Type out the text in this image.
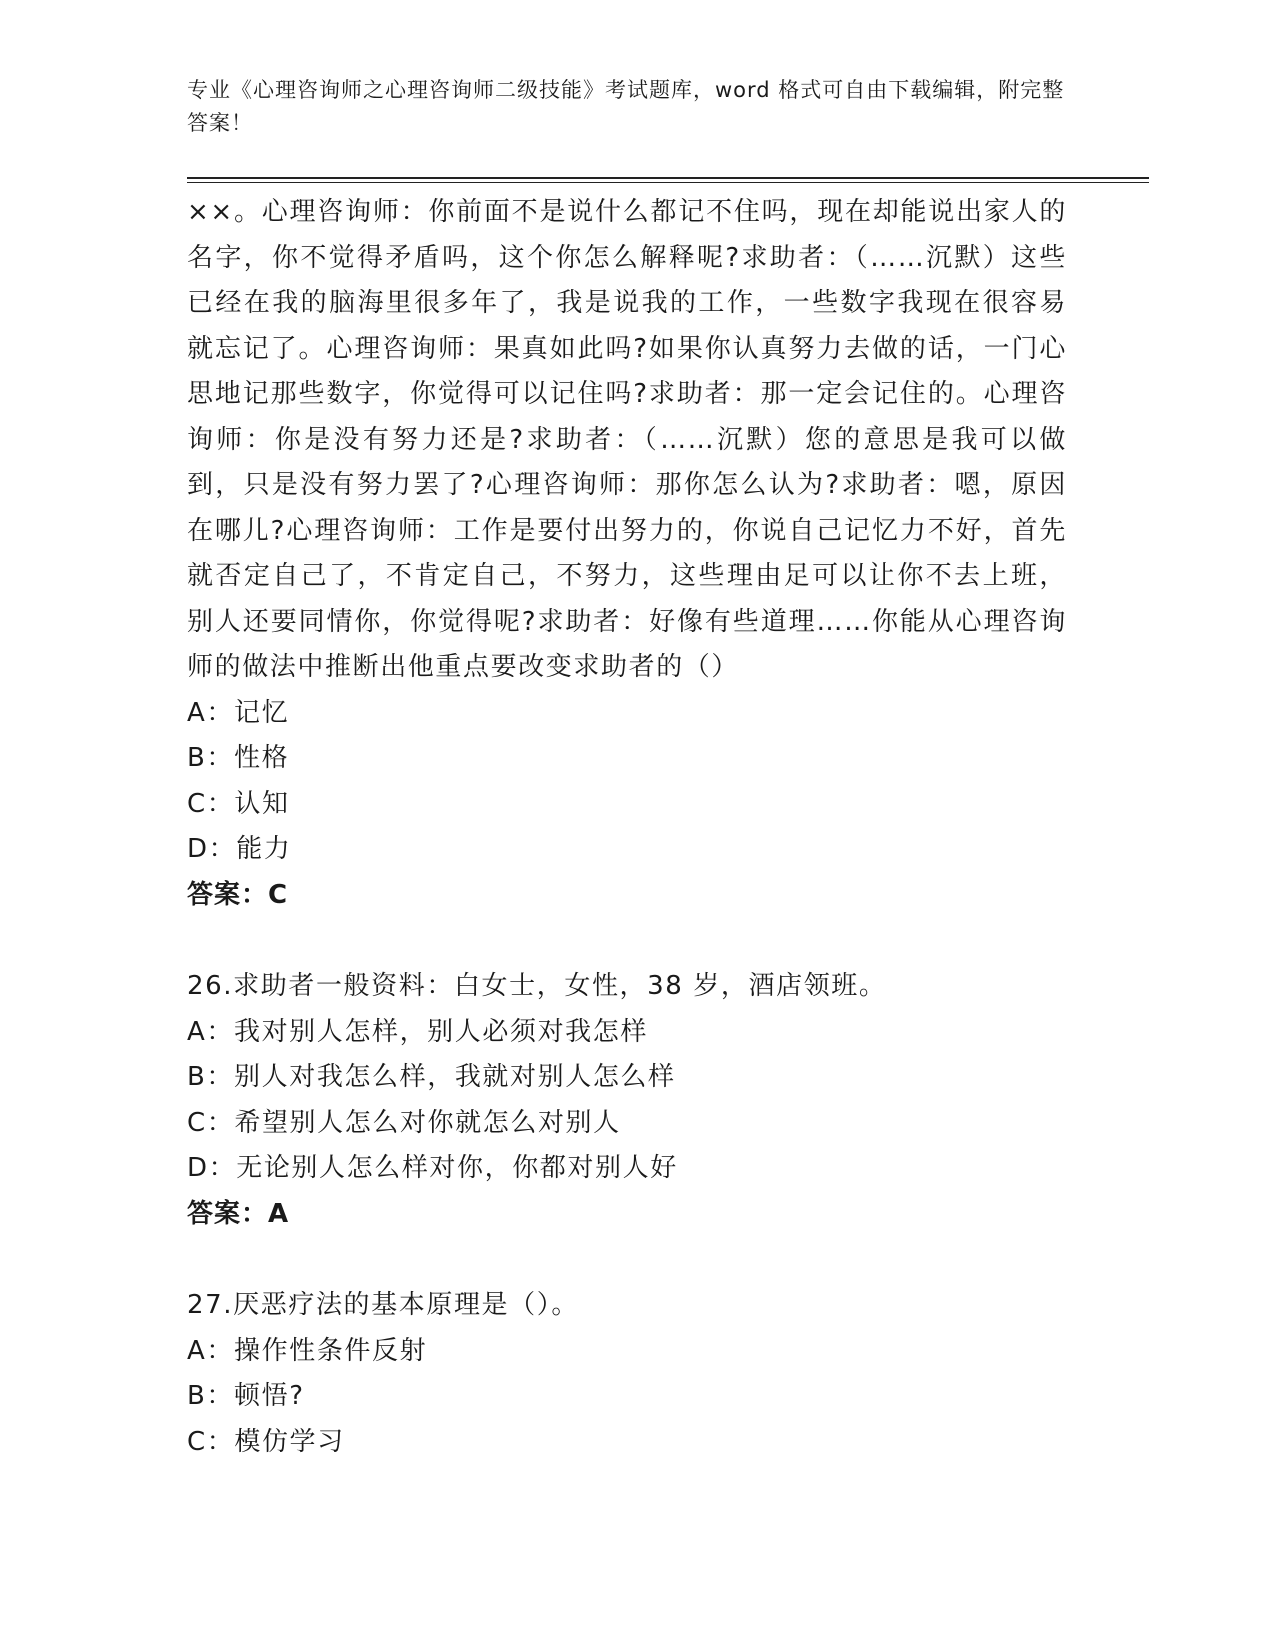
专业《心理咨询师之心理咨询师二级技能》考试题库，word 格式可自由下载编辑，附完整答案！

××。心理咨询师：你前面不是说什么都记不住吗，现在却能说出家人的名字，你不觉得矛盾吗，这个你怎么解释呢?求助者：（……沉默）这些已经在我的脑海里很多年了，我是说我的工作，一些数字我现在很容易就忘记了。心理咨询师：果真如此吗?如果你认真努力去做的话，一门心思地记那些数字，你觉得可以记住吗?求助者：那一定会记住的。心理咨询师：你是没有努力还是?求助者：（……沉默）您的意思是我可以做到，只是没有努力罢了?心理咨询师：那你怎么认为?求助者：嗯，原因在哪儿?心理咨询师：工作是要付出努力的，你说自己记忆力不好，首先就否定自己了，不肯定自己，不努力，这些理由足可以让你不去上班，别人还要同情你，你觉得呢?求助者：好像有些道理……你能从心理咨询师的做法中推断出他重点要改变求助者的（）

A：记忆

B：性格

C：认知

D：能力

答案：C

26.求助者一般资料：白女士，女性，38 岁，酒店领班。

A：我对别人怎样，别人必须对我怎样

B：别人对我怎么样，我就对别人怎么样

C：希望别人怎么对你就怎么对别人

D：无论别人怎么样对你，你都对别人好

答案：A

27.厌恶疗法的基本原理是（）。

A：操作性条件反射

B：顿悟?

C：模仿学习
